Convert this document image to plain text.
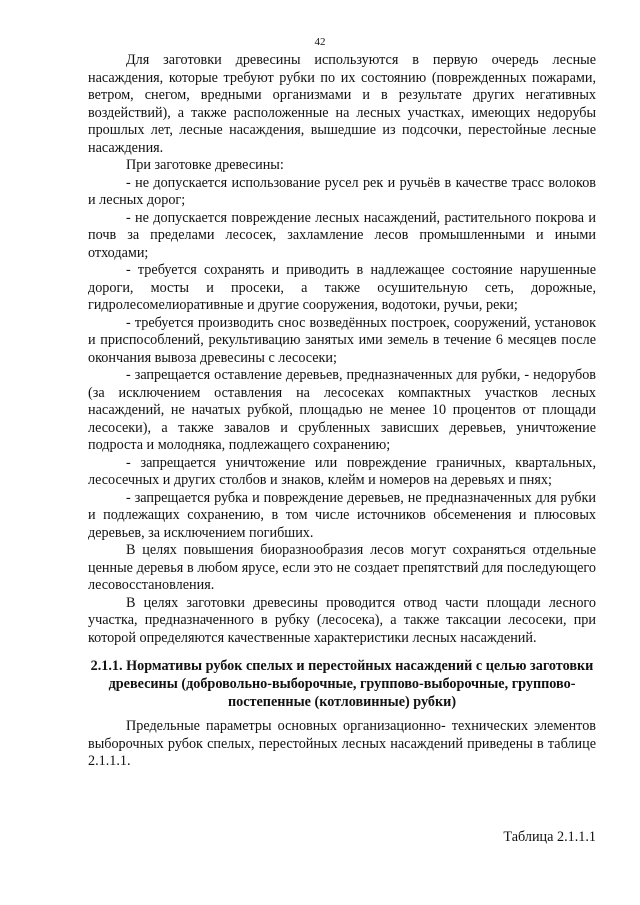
42

Для заготовки древесины используются в первую очередь лесные насаждения, которые требуют рубки по их состоянию (поврежденных пожарами, ветром, снегом, вредными организмами и в результате других негативных воздействий), а также расположенные на лесных участках, имеющих недорубы прошлых лет, лесные насаждения, вышедшие из подсочки, перестойные лесные насаждения.

При заготовке древесины:

- не допускается использование русел рек и ручьёв в качестве трасс волоков и лесных дорог;

- не допускается повреждение лесных насаждений, растительного покрова и почв за пределами лесосек, захламление лесов промышленными и иными отходами;

- требуется сохранять и приводить в надлежащее состояние нарушенные дороги, мосты и просеки, а также осушительную сеть, дорожные, гидролесомелиоративные и другие сооружения, водотоки, ручьи, реки;

- требуется производить снос возведённых построек, сооружений, установок и приспособлений, рекультивацию занятых ими земель в течение 6 месяцев после окончания вывоза древесины с лесосеки;

- запрещается оставление деревьев, предназначенных для рубки, - недорубов (за исключением оставления на лесосеках компактных участков лесных насаждений, не начатых рубкой, площадью не менее 10 процентов от площади лесосеки), а также завалов и срубленных зависших деревьев, уничтожение подроста и молодняка, подлежащего сохранению;

- запрещается уничтожение или повреждение граничных, квартальных, лесосечных и других столбов и знаков, клейм и номеров на деревьях и пнях;

- запрещается рубка и повреждение деревьев, не предназначенных для рубки и подлежащих сохранению, в том числе источников обсеменения и плюсовых деревьев, за исключением погибших.

В целях повышения биоразнообразия лесов могут сохраняться отдельные ценные деревья в любом ярусе, если это не создает препятствий для последующего лесовосстановления.

В целях заготовки древесины проводится отвод части площади лесного участка, предназначенного в рубку (лесосека), а также таксации лесосеки, при которой определяются качественные характеристики лесных насаждений.

2.1.1. Нормативы рубок спелых и перестойных насаждений с целью заготовки древесины (добровольно-выборочные, группово-выборочные, группово-постепенные (котловинные) рубки)

Предельные параметры основных организационно- технических элементов выборочных рубок спелых, перестойных лесных насаждений приведены в таблице 2.1.1.1.

Таблица 2.1.1.1
